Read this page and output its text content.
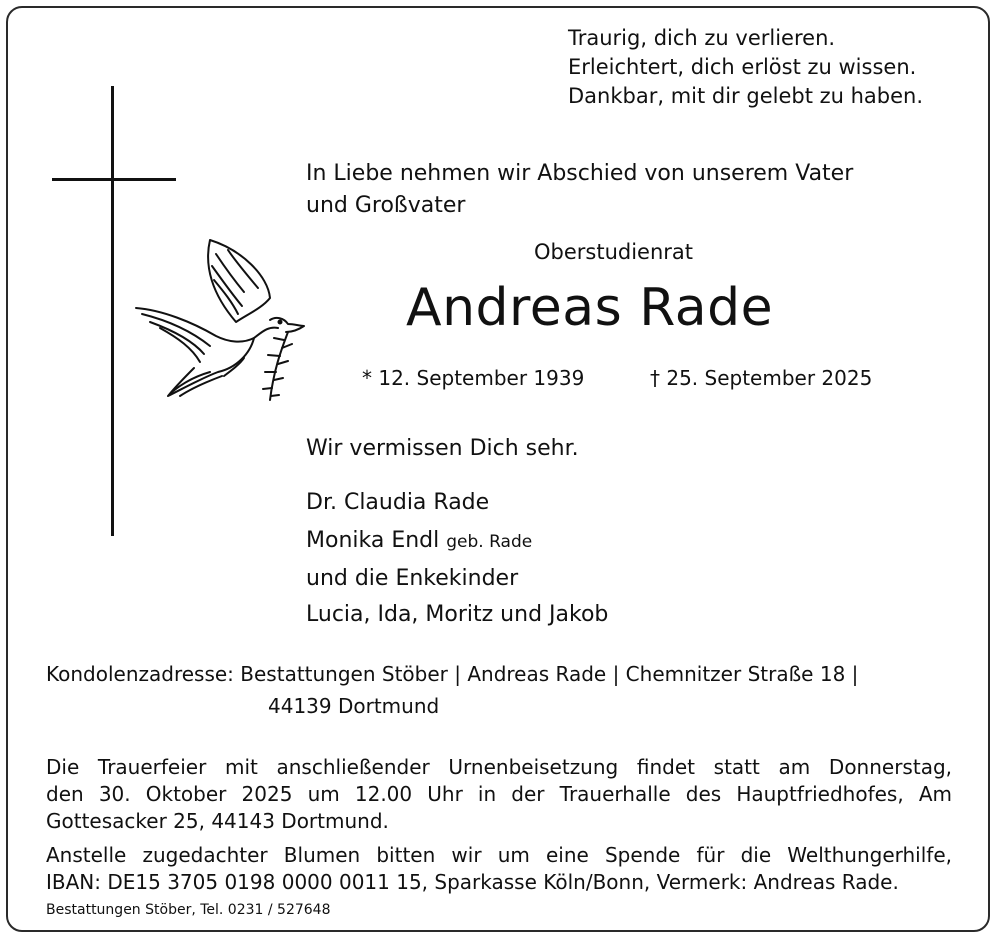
Traurig, dich zu verlieren.
Erleichtert, dich erlöst zu wissen.
Dankbar, mit dir gelebt zu haben.
In Liebe nehmen wir Abschied von unserem Vater
und Großvater
Oberstudienrat
Andreas Rade
* 12. September 1939	† 25. September 2025
Wir vermissen Dich sehr.
Dr. Claudia Rade
Monika Endl geb. Rade
und die Enkekinder
Lucia, Ida, Moritz und Jakob
Kondolenzadresse: Bestattungen Stöber | Andreas Rade | Chemnitzer Straße 18 |
44139 Dortmund
Die Trauerfeier mit anschließender Urnenbeisetzung findet statt am Donnerstag,
den 30. Oktober 2025 um 12.00 Uhr in der Trauerhalle des Hauptfriedhofes, Am
Gottesacker 25, 44143 Dortmund.
Anstelle zugedachter Blumen bitten wir um eine Spende für die Welthungerhilfe,
IBAN: DE15 3705 0198 0000 0011 15, Sparkasse Köln/Bonn, Vermerk: Andreas Rade.
Bestattungen Stöber, Tel. 0231 / 527648
